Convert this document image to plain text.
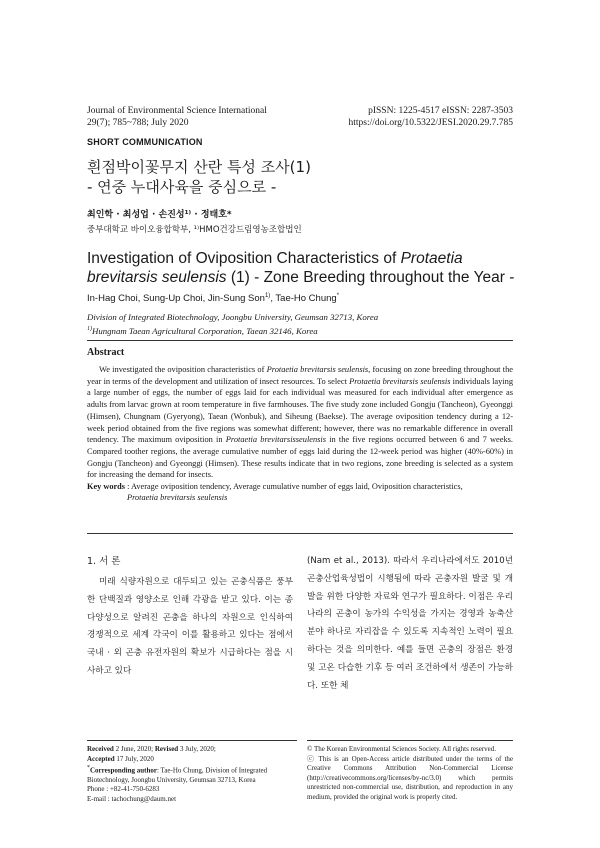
Journal of Environmental Science International
29(7); 785~788; July 2020
pISSN: 1225-4517 eISSN: 2287-3503
https://doi.org/10.5322/JESI.2020.29.7.785
SHORT COMMUNICATION
흰점박이꽃무지 산란 특성 조사(1)
- 연중 누대사육을 중심으로 -
최인학 · 최성업 · 손진성¹⁾ · 정태호*
중부대학교 바이오융합학부, ¹⁾HMO건강드림영농조합법인
Investigation of Oviposition Characteristics of Protaetia brevitarsis seulensis (1) - Zone Breeding throughout the Year -
In-Hag Choi, Sung-Up Choi, Jin-Sung Son$^{1)}$, Tae-Ho Chung*
Division of Integrated Biotechnology, Joongbu University, Geumsan 32713, Korea
$^{1)}$Hungnam Taean Agricultural Corporation, Taean 32146, Korea
Abstract
We investigated the oviposition characteristics of Protaetia brevitarsis seulensis, focusing on zone breeding throughout the year in terms of the development and utilization of insect resources. To select Protaetia brevitarsis seulensis individuals laying a large number of eggs, the number of eggs laid for each individual was measured for each individual after emergence as adults from larvac grown at room temperature in five farmhouses. The five study zone included Gongju (Tancheon), Gyeonggi (Himsen), Chungnam (Gyeryong), Taean (Wonbuk), and Siheung (Baekse). The average oviposition tendency during a 12-week period obtained from the five regions was somewhat different; however, there was no remarkable difference in overall tendency. The maximum oviposition in Protaetia brevitarsisseulensis in the five regions occurred between 6 and 7 weeks. Compared toother regions, the average cumulative number of eggs laid during the 12-week period was higher (40%-60%) in Gongju (Tancheon) and Gyeonggi (Himsen). These results indicate that in two regions, zone breeding is selected as a system for increasing the demand for insects.
Key words : Average oviposition tendency, Average cumulative number of eggs laid, Oviposition characteristics,
Protaetia brevitarsis seulensis
1. 서 론
미래 식량자원으로 대두되고 있는 곤충식품은 풍부한 단백질과 영양소로 인해 각광을 받고 있다. 이는 종 다양성으로 알려진 곤충을 하나의 자원으로 인식하여 경쟁적으로 세계 각국이 이를 활용하고 있다는 점에서 국내 · 외 곤충 유전자원의 확보가 시급하다는 점을 시사하고 있다
(Nam et al., 2013). 따라서 우리나라에서도 2010년 곤충산업육성법이 시행됨에 따라 곤충자원 발굴 및 개발을 위한 다양한 자료와 연구가 필요하다. 이점은 우리나라의 곤충이 농가의 수익성을 가지는 경영과 농축산분야 하나로 자리잡을 수 있도록 지속적인 노력이 필요하다는 것을 의미한다. 예를 들면 곤충의 장점은 환경 및 고온 다습한 기후 등 여러 조건하에서 생존이 가능하다. 또한 체
Received 2 June, 2020; Revised 3 July, 2020;
Accepted 17 July, 2020
*Corresponding author: Tae-Ho Chung, Division of Integrated Biotechnology, Joongbu University, Geumsan 32713, Korea
Phone : +82-41-750-6283
E-mail : tachochung@daum.net
© The Korean Environmental Sciences Society. All rights reserved.
ⓒ This is an Open-Access article distributed under the terms of the Creative Commons Attribution Non-Commercial License (http://creativecommons.org/licenses/by-nc/3.0) which permits unrestricted non-commercial use, distribution, and reproduction in any medium, provided the original work is properly cited.
